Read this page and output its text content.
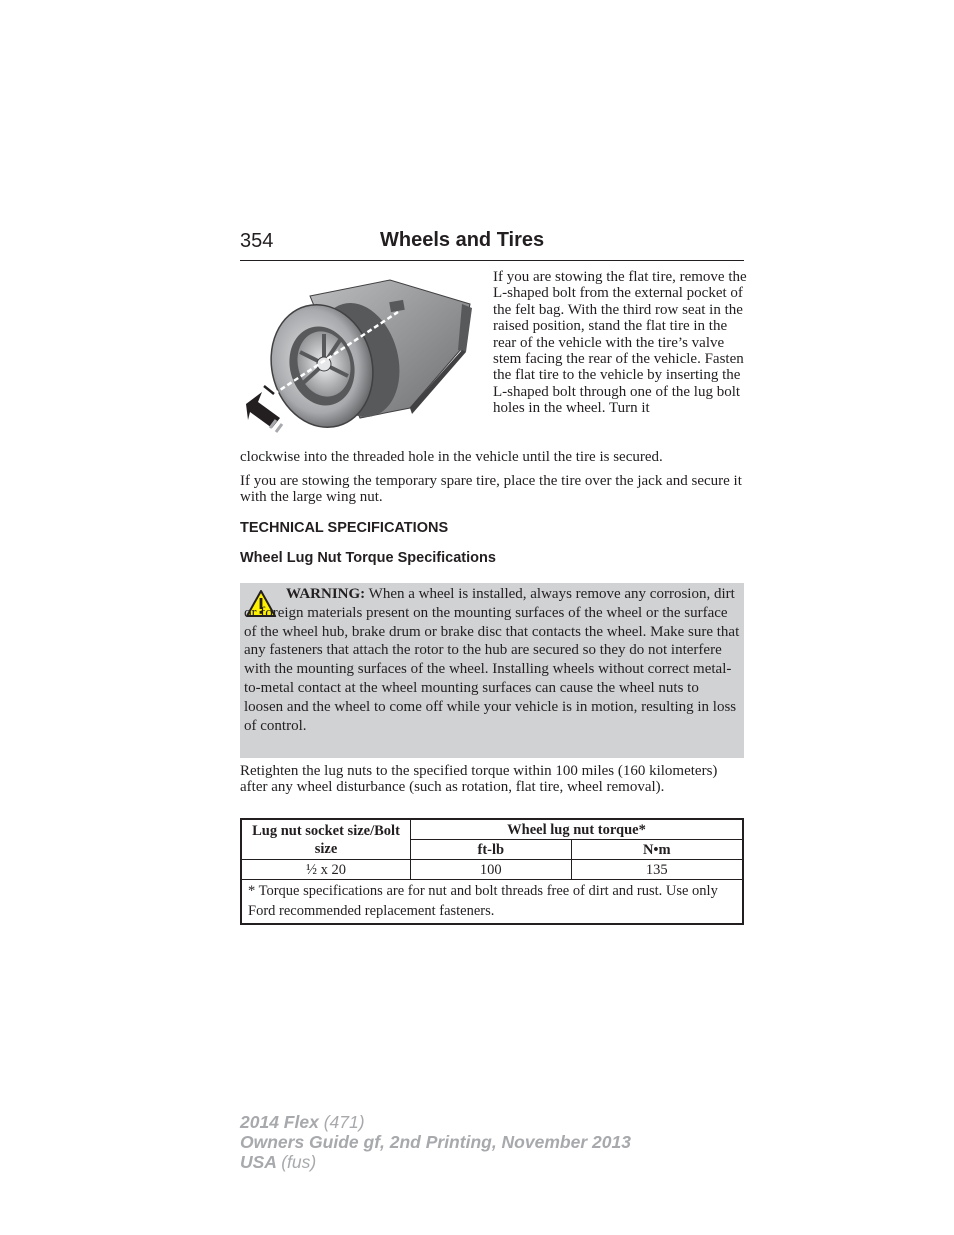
354	Wheels and Tires
If you are stowing the flat tire, remove the L-shaped bolt from the external pocket of the felt bag. With the third row seat in the raised position, stand the flat tire in the rear of the vehicle with the tire’s valve stem facing the rear of the vehicle. Fasten the flat tire to the vehicle by inserting the L-shaped bolt through one of the lug bolt holes in the wheel. Turn it
clockwise into the threaded hole in the vehicle until the tire is secured.
If you are stowing the temporary spare tire, place the tire over the jack and secure it with the large wing nut.
TECHNICAL SPECIFICATIONS
Wheel Lug Nut Torque Specifications
WARNING: When a wheel is installed, always remove any corrosion, dirt or foreign materials present on the mounting surfaces of the wheel or the surface of the wheel hub, brake drum or brake disc that contacts the wheel. Make sure that any fasteners that attach the rotor to the hub are secured so they do not interfere with the mounting surfaces of the wheel. Installing wheels without correct metal-to-metal contact at the wheel mounting surfaces can cause the wheel nuts to loosen and the wheel to come off while your vehicle is in motion, resulting in loss of control.
Retighten the lug nuts to the specified torque within 100 miles (160 kilometers) after any wheel disturbance (such as rotation, flat tire, wheel removal).
Lug nut socket size/Bolt size	Wheel lug nut torque*	
	ft-lb	N•m
½ x 20	100	135
* Torque specifications are for nut and bolt threads free of dirt and rust. Use only Ford recommended replacement fasteners.		
2014 Flex (471)
Owners Guide gf, 2nd Printing, November 2013
USA (fus)
